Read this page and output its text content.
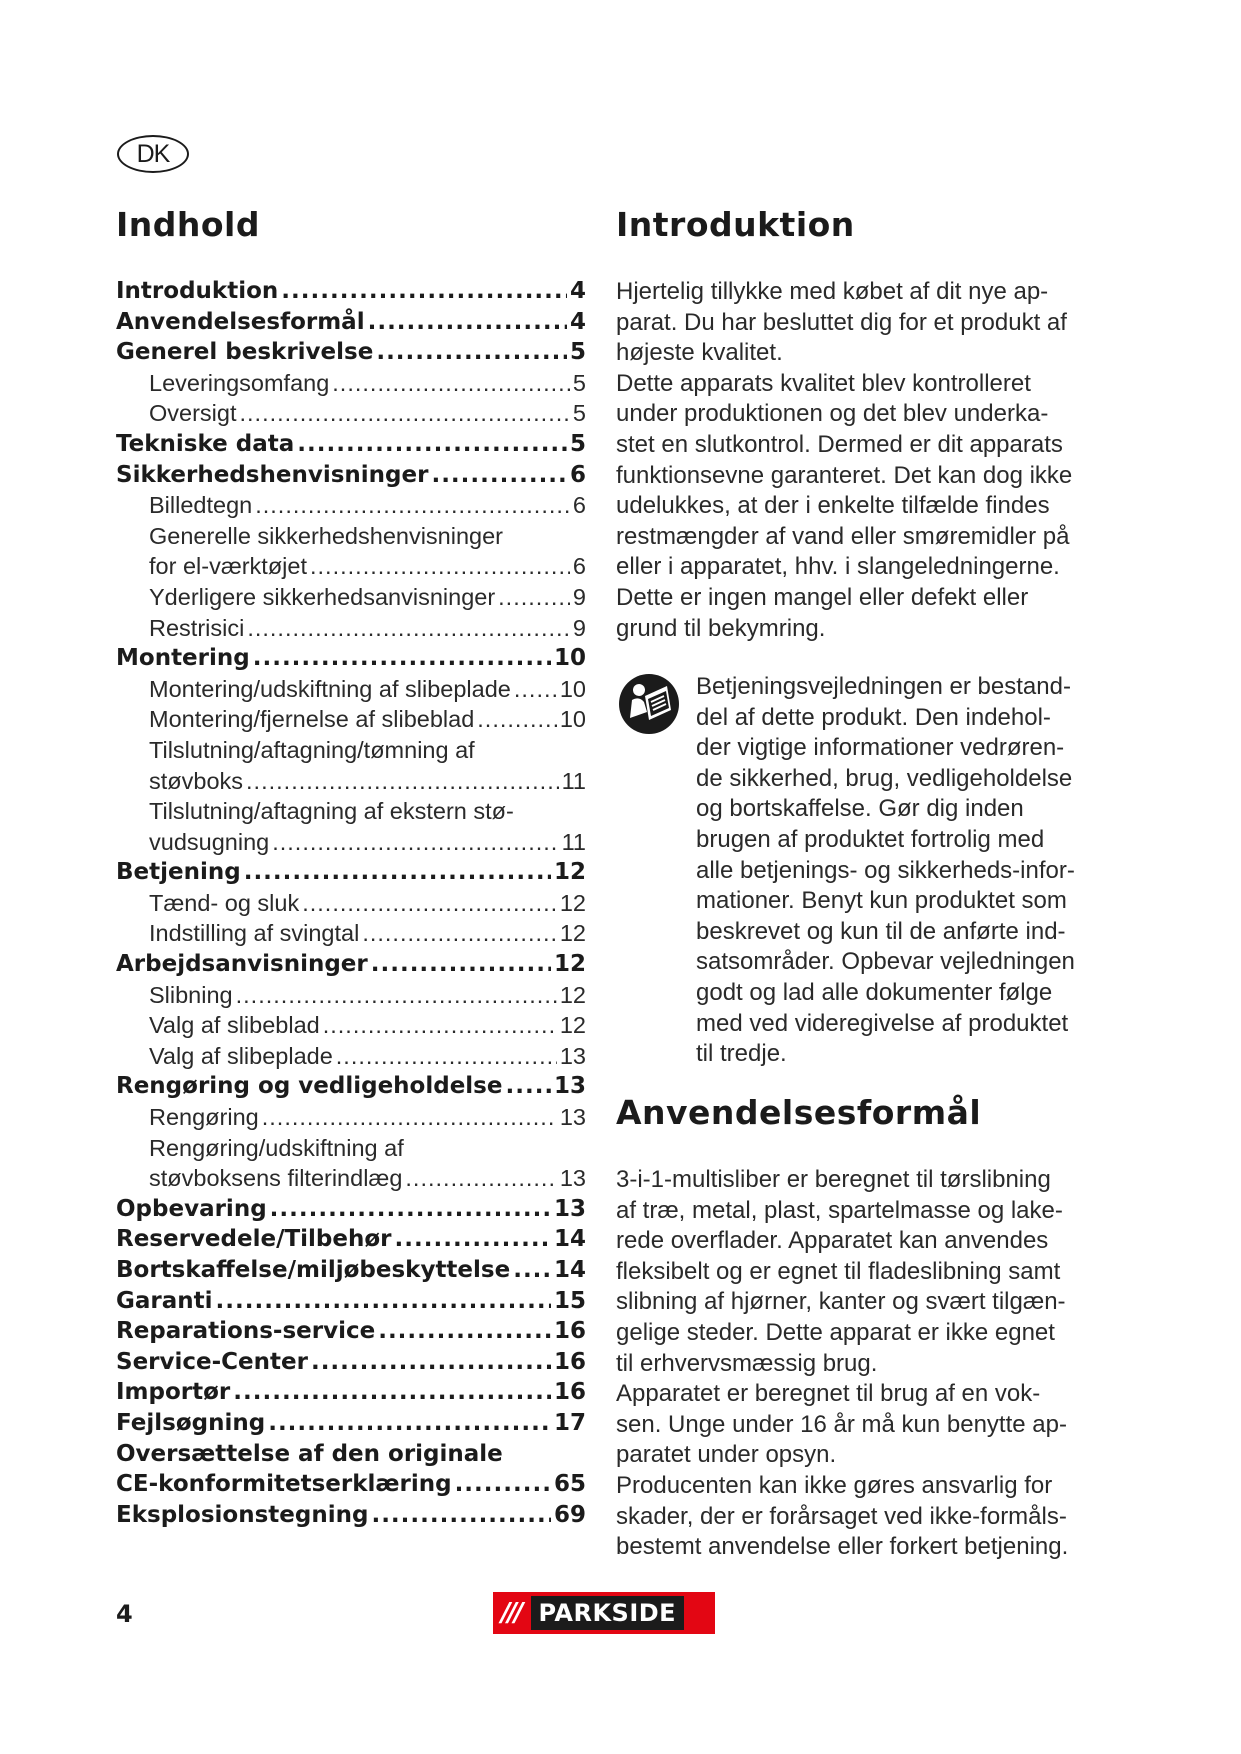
DK
Indhold
Introduktion .....	4
Anvendelsesformål .....	4
Generel beskrivelse .....	5
Leveringsomfang .....	5
Oversigt .....	5
Tekniske data .....	5
Sikkerhedshenvisninger .....	6
Billedtegn .....	6
Generelle sikkerhedshenvisninger
for el-værktøjet .....	6
Yderligere sikkerhedsanvisninger .....	9
Restrisici .....	9
Montering .....	10
Montering/udskiftning af slibeplade ..... 10
Montering/fjernelse af slibeblad .....	10
Tilslutning/aftagning/tømning af
støvboks .....	11
Tilslutning/aftagning af ekstern stø-
vudsugning .....	11
Betjening .....	12
Tænd- og sluk .....	12
Indstilling af svingtal .....	12
Arbejdsanvisninger .....	12
Slibning .....	12
Valg af slibeblad .....	12
Valg af slibeplade .....	13
Rengøring og vedligeholdelse ..... 13
Rengøring .....	13
Rengøring/udskiftning af
støvboksens filterindlæg .....	13
Opbevaring .....	13
Reservedele/Tilbehør .....	14
Bortskaffelse/miljøbeskyttelse ..... 14
Garanti .....	15
Reparations-service .....	16
Service-Center .....	16
Importør .....	16
Fejlsøgning .....	17
Oversættelse af den originale
CE-konformitetserklæring .....	65
Eksplosionstegning .....	69
Introduktion
Hjertelig tillykke med købet af dit nye ap-
parat. Du har besluttet dig for et produkt af
højeste kvalitet.
Dette apparats kvalitet blev kontrolleret
under produktionen og det blev underka-
stet en slutkontrol. Dermed er dit apparats
funktionsevne garanteret. Det kan dog ikke
udelukkes, at der i enkelte tilfælde findes
restmængder af vand eller smøremidler på
eller i apparatet, hhv. i slangeledningerne.
Dette er ingen mangel eller defekt eller
grund til bekymring.
Betjeningsvejledningen er bestand-
del af dette produkt. Den indehol-
der vigtige informationer vedrøren-
de sikkerhed, brug, vedligeholdelse
og bortskaffelse. Gør dig inden
brugen af produktet fortrolig med
alle betjenings- og sikkerheds-infor-
mationer. Benyt kun produktet som
beskrevet og kun til de anførte ind-
satsområder. Opbevar vejledningen
godt og lad alle dokumenter følge
med ved videregivelse af produktet
til tredje.
Anvendelsesformål
3-i-1-multisliber er beregnet til tørslibning
af træ, metal, plast, spartelmasse og lake-
rede overflader. Apparatet kan anvendes
fleksibelt og er egnet til fladeslibning samt
slibning af hjørner, kanter og svært tilgæn-
gelige steder. Dette apparat er ikke egnet
til erhvervsmæssig brug.
Apparatet er beregnet til brug af en vok-
sen. Unge under 16 år må kun benytte ap-
paratet under opsyn.
Producenten kan ikke gøres ansvarlig for
skader, der er forårsaget ved ikke-formåls-
bestemt anvendelse eller forkert betjening.
4	/// PARKSIDE
